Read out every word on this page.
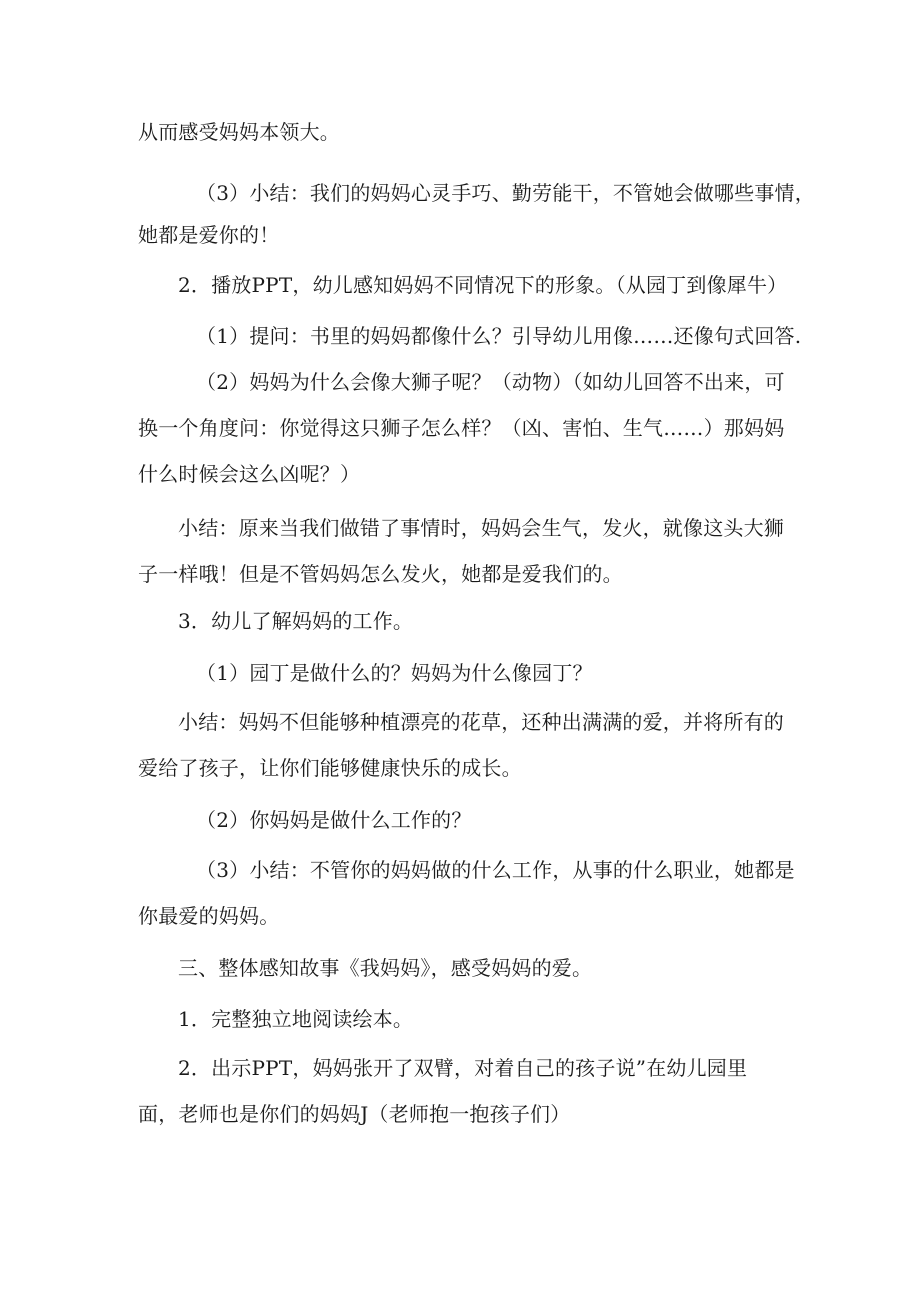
从而感受妈妈本领大。
（3）小结：我们的妈妈心灵手巧、勤劳能干，不管她会做哪些事情，
她都是爱你的！
2．播放PPT，幼儿感知妈妈不同情况下的形象。（从园丁到像犀牛）
（1）提问：书里的妈妈都像什么？引导幼儿用像……还像句式回答.
（2）妈妈为什么会像大狮子呢？（动物）（如幼儿回答不出来，可
换一个角度问：你觉得这只狮子怎么样？（凶、害怕、生气……）那妈妈
什么时候会这么凶呢？）
小结：原来当我们做错了事情时，妈妈会生气，发火，就像这头大狮
子一样哦！但是不管妈妈怎么发火，她都是爱我们的。
3．幼儿了解妈妈的工作。
（1）园丁是做什么的？妈妈为什么像园丁？
小结：妈妈不但能够种植漂亮的花草，还种出满满的爱，并将所有的
爱给了孩子，让你们能够健康快乐的成长。
（2）你妈妈是做什么工作的？
（3）小结：不管你的妈妈做的什么工作，从事的什么职业，她都是
你最爱的妈妈。
三、整体感知故事《我妈妈》，感受妈妈的爱。
1．完整独立地阅读绘本。
2．出示PPT，妈妈张开了双臂，对着自己的孩子说”在幼儿园里
面，老师也是你们的妈妈J（老师抱一抱孩子们）
